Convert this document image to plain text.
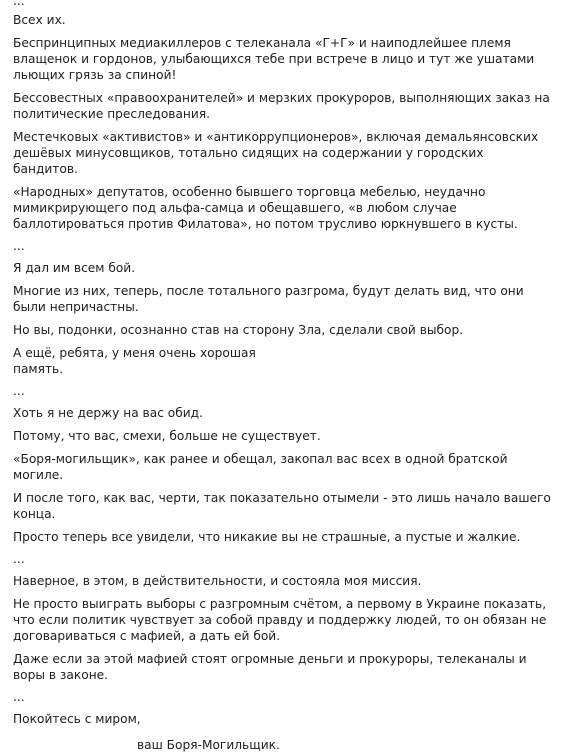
...
Всех их.
Беспринципных медиакиллеров с телеканала «Г+Г» и наиподлейшее племя влащенок и гордонов, улыбающихся тебе при встрече в лицо и тут же ушатами льющих грязь за спиной!
Бессовестных «правоохранителей» и мерзких прокуроров, выполняющих заказ на политические преследования.
Местечковых «активистов» и «антикоррупционеров», включая демальянсовских дешёвых минусовщиков, тотально сидящих на содержании у городских бандитов.
«Народных» депутатов, особенно бывшего торговца мебелью, неудачно мимикрирующего под альфа-самца и обещавшего, «в любом случае баллотироваться против Филатова», но потом трусливо юркнувшего в кусты.
...
Я дал им всем бой.
Многие из них, теперь, после тотального разгрома, будут делать вид, что они были непричастны.
Но вы, подонки, осознанно став на сторону Зла, сделали свой выбор.
А ещё, ребята, у меня очень хорошая
память.
...
Хоть я не держу на вас обид.
Потому, что вас, смехи, больше не существует.
«Боря-могильщик», как ранее и обещал, закопал вас всех в одной братской могиле.
И после того, как вас, черти, так показательно отымели - это лишь начало вашего конца.
Просто теперь все увидели, что никакие вы не страшные, а пустые и жалкие.
...
Наверное, в этом, в действительности, и состояла моя миссия.
Не просто выиграть выборы с разгромным счётом, а первому в Украине показать, что если политик чувствует за собой правду и поддержку людей, то он обязан не договариваться с мафией, а дать ей бой.
Даже если за этой мафией стоят огромные деньги и прокуроры, телеканалы и воры в законе.
...
Покойтесь с миром,
ваш Боря-Могильщик.
